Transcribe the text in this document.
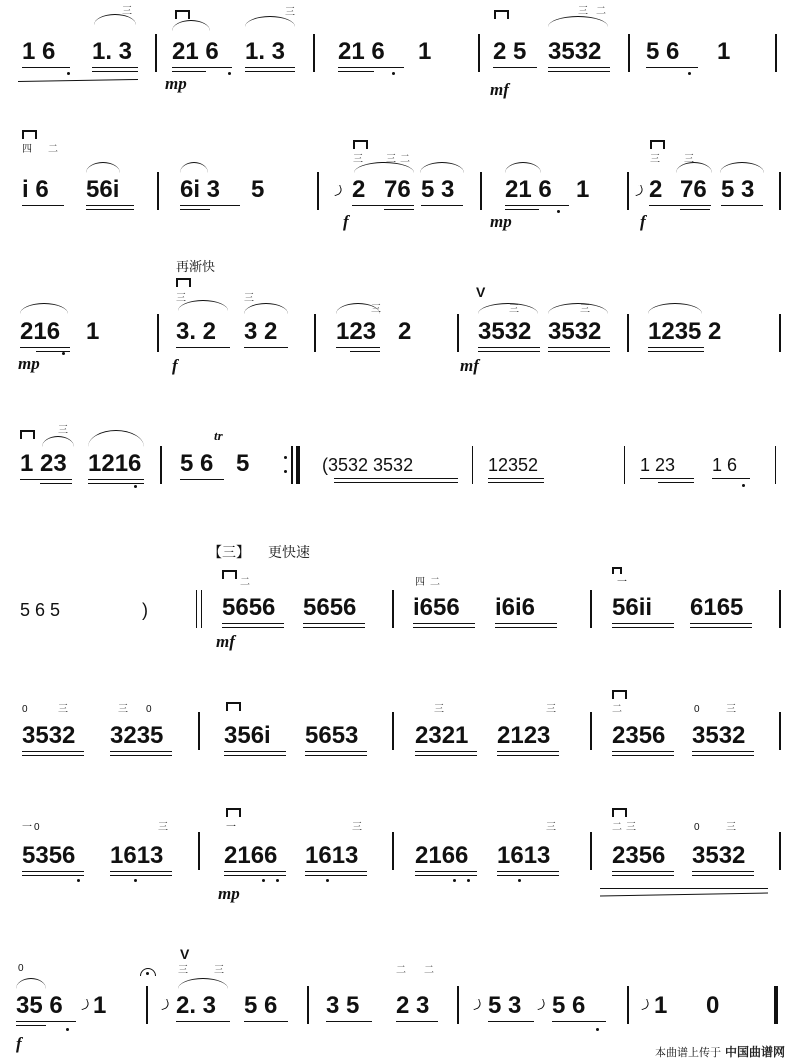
三	三	三 二
1 6 1. 3 21 6 1. 3
mp
21 6 1	2 5 3532
mf
5 6 1
四 二
三 三 二	三 三
i 6 56i	6i 3 5	2 76 5 3
f
21 6 1
mp
2 76 5 3
f
再渐快
三	三
三
V
三	三
216 1
mp
3. 2 3 2
f
123 2	3532 3532
mf
1235 2
三	tr
1 23 1216 5 6 5	(3532 3532	12352	1 23 1 6
【三】 更快速
二	四 二	一
5 6 5	)	5656 5656
mf
i656 i6i6	56ii 6165
0	三	三 0	三	三	二	0	三
3532 3235	356i 5653 2321 2123	2356 3532
一 0	三	一	三	三	二 三	0	三
5356 1613	2166 1613
mp
2166 1613	2356 3532
0
V
三	三	二 二
35 6 1
f
2. 3 5 6 3 5 2 3 5 3 5 6	1 0
本曲谱上传于 中国曲谱网
